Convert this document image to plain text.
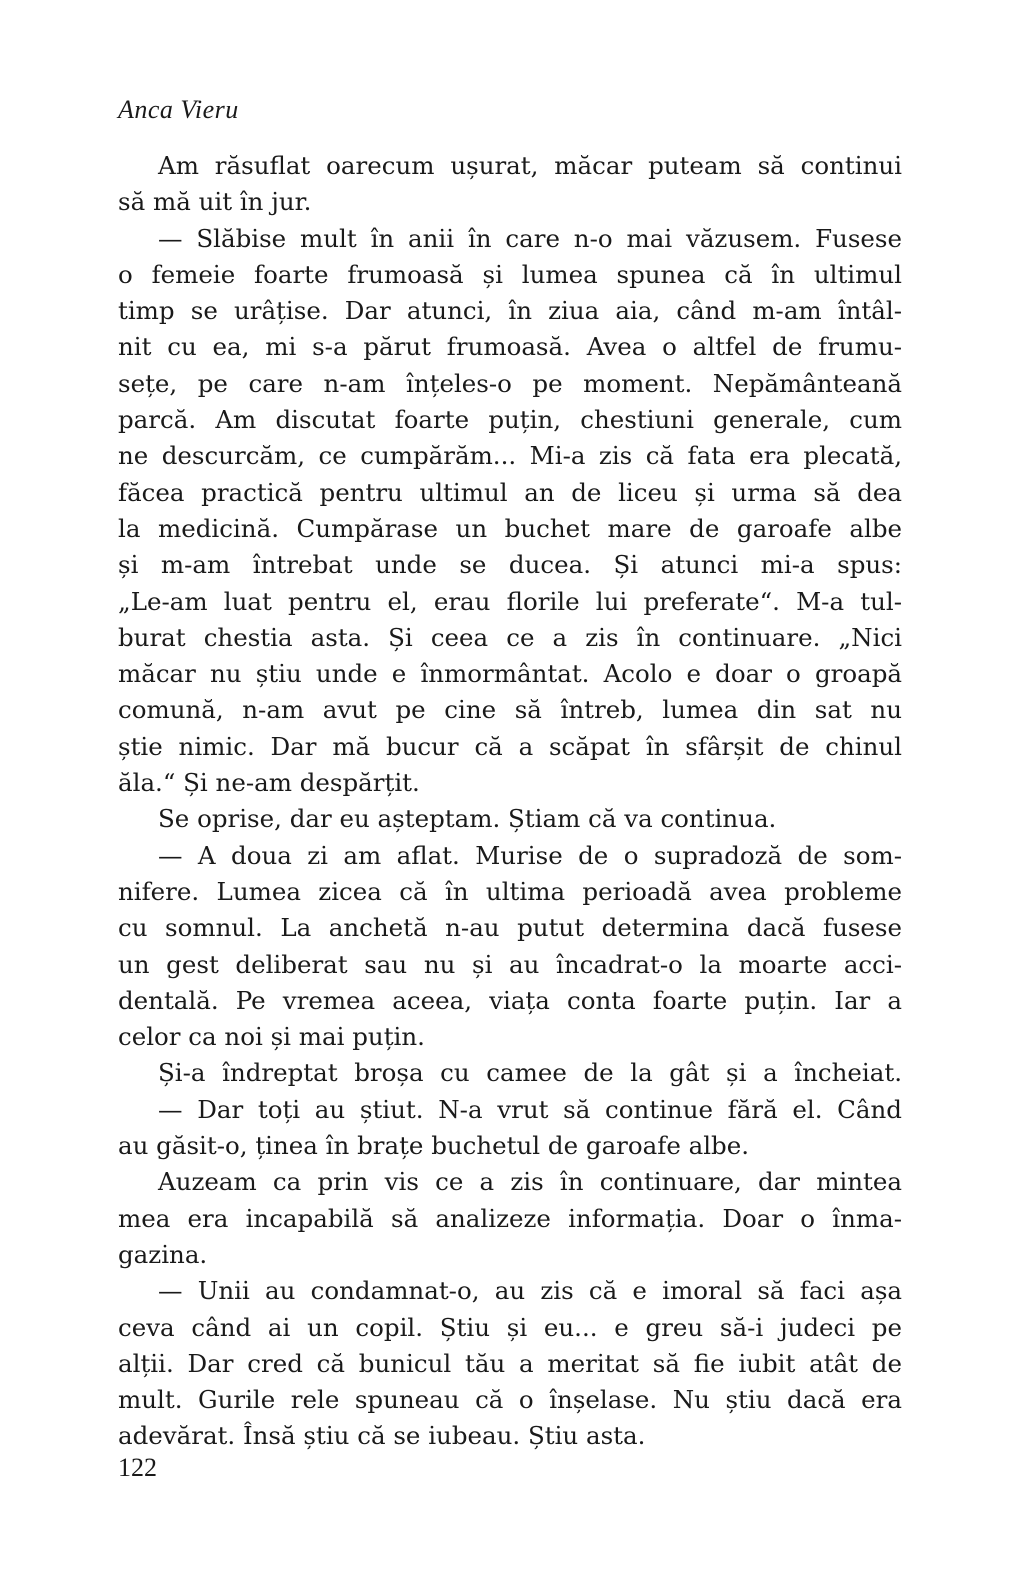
Anca Vieru
Am răsuflat oarecum ușurat, măcar puteam să continui
să mă uit în jur.
— Slăbise mult în anii în care n-o mai văzusem. Fusese
o femeie foarte frumoasă și lumea spunea că în ultimul
timp se urâțise. Dar atunci, în ziua aia, când m-am întâl-
nit cu ea, mi s-a părut frumoasă. Avea o altfel de frumu-
sețe, pe care n-am înțeles-o pe moment. Nepământeană
parcă. Am discutat foarte puțin, chestiuni generale, cum
ne descurcăm, ce cumpărăm... Mi-a zis că fata era plecată,
făcea practică pentru ultimul an de liceu și urma să dea
la medicină. Cumpărase un buchet mare de garoafe albe
și m-am întrebat unde se ducea. Și atunci mi-a spus:
„Le-am luat pentru el, erau florile lui preferate“. M-a tul-
burat chestia asta. Și ceea ce a zis în continuare. „Nici
măcar nu știu unde e înmormântat. Acolo e doar o groapă
comună, n-am avut pe cine să întreb, lumea din sat nu
știe nimic. Dar mă bucur că a scăpat în sfârșit de chinul
ăla.“ Și ne-am despărțit.
Se oprise, dar eu așteptam. Știam că va continua.
— A doua zi am aflat. Murise de o supradoză de som-
nifere. Lumea zicea că în ultima perioadă avea probleme
cu somnul. La anchetă n-au putut determina dacă fusese
un gest deliberat sau nu și au încadrat-o la moarte acci-
dentală. Pe vremea aceea, viața conta foarte puțin. Iar a
celor ca noi și mai puțin.
Și-a îndreptat broșa cu camee de la gât și a încheiat.
— Dar toți au știut. N-a vrut să continue fără el. Când
au găsit-o, ținea în brațe buchetul de garoafe albe.
Auzeam ca prin vis ce a zis în continuare, dar mintea
mea era incapabilă să analizeze informația. Doar o înma-
gazina.
— Unii au condamnat-o, au zis că e imoral să faci așa
ceva când ai un copil. Știu și eu... e greu să-i judeci pe
alții. Dar cred că bunicul tău a meritat să fie iubit atât de
mult. Gurile rele spuneau că o înșelase. Nu știu dacă era
adevărat. Însă știu că se iubeau. Știu asta.
122
